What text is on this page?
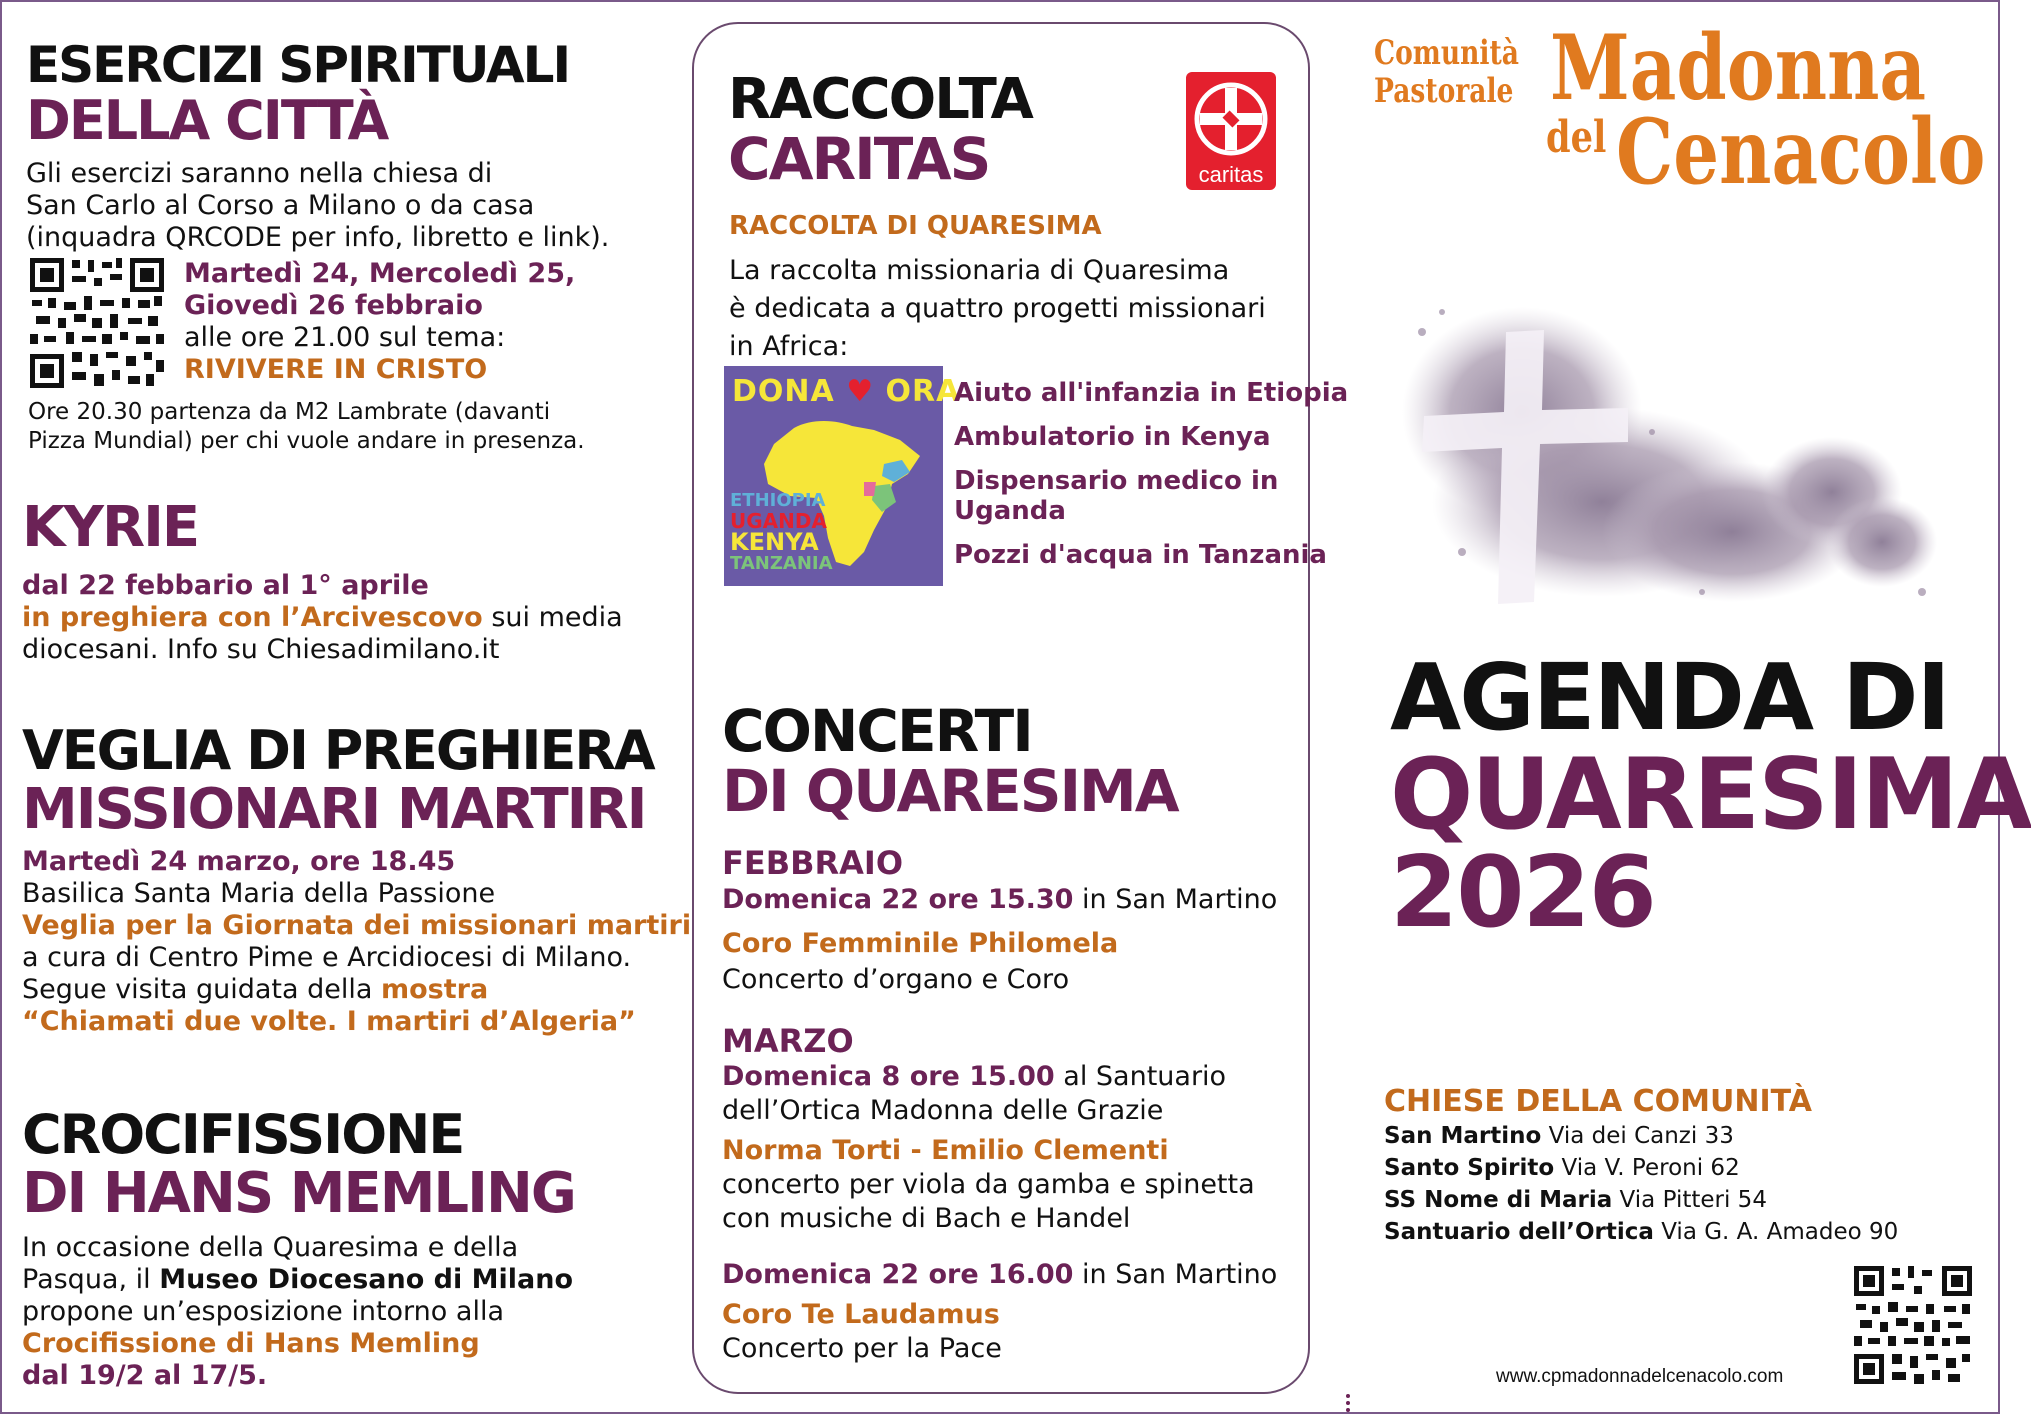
ESERCIZI SPIRITUALI
DELLA CITTÀ

Gli esercizi saranno nella chiesa di

San Carlo al Corso a Milano o da casa

(inquadra QRCODE per info, libretto e link).

Martedì 24, Mercoledì 25,

Giovedì 26 febbraio

alle ore 21.00 sul tema:

RIVIVERE IN CRISTO

Ore 20.30 partenza da M2 Lambrate (davanti

Pizza Mundial) per chi vuole andare in presenza.

KYRIE

dal 22 febbario al 1° aprile

in preghiera con l’Arcivescovo sui media

diocesani. Info su Chiesadimilano.it

VEGLIA DI PREGHIERA
MISSIONARI MARTIRI

Martedì 24 marzo, ore 18.45

Basilica Santa Maria della Passione

Veglia per la Giornata dei missionari martiri

a cura di Centro Pime e Arcidiocesi di Milano.

Segue visita guidata della mostra

“Chiamati due volte. I martiri d’Algeria”

CROCIFISSIONE
DI HANS MEMLING

In occasione della Quaresima e della

Pasqua, il Museo Diocesano di Milano

propone un’esposizione intorno alla

Crocifissione di Hans Memling

dal 19/2 al 17/5.

RACCOLTA
CARITAS	caritas

RACCOLTA DI QUARESIMA

La raccolta missionaria di Quaresima

è dedicata a quattro progetti missionari

in Africa:

DONA ♥ ORA
ETHIOPIA
UGANDA
KENYA
TANZANIA

Aiuto all'infanzia in Etiopia

Ambulatorio in Kenya

Dispensario medico in

Uganda

Pozzi d'acqua in Tanzania

CONCERTI
DI QUARESIMA

FEBBRAIO

Domenica 22 ore 15.30 in San Martino

Coro Femminile Philomela

Concerto d’organo e Coro

MARZO

Domenica 8 ore 15.00 al Santuario

dell’Ortica Madonna delle Grazie

Norma Torti - Emilio Clementi

concerto per viola da gamba e spinetta

con musiche di Bach e Handel

Domenica 22 ore 16.00 in San Martino

Coro Te Laudamus

Concerto per la Pace

Comunità
Pastorale Madonna
del Cenacolo
AGENDA DI
QUARESIMA
2026

CHIESE DELLA COMUNITÀ

San Martino Via dei Canzi 33

Santo Spirito Via V. Peroni 62

SS Nome di Maria Via Pitteri 54

Santuario dell’Ortica Via G. A. Amadeo 90

www.cpmadonnadelcenacolo.com
